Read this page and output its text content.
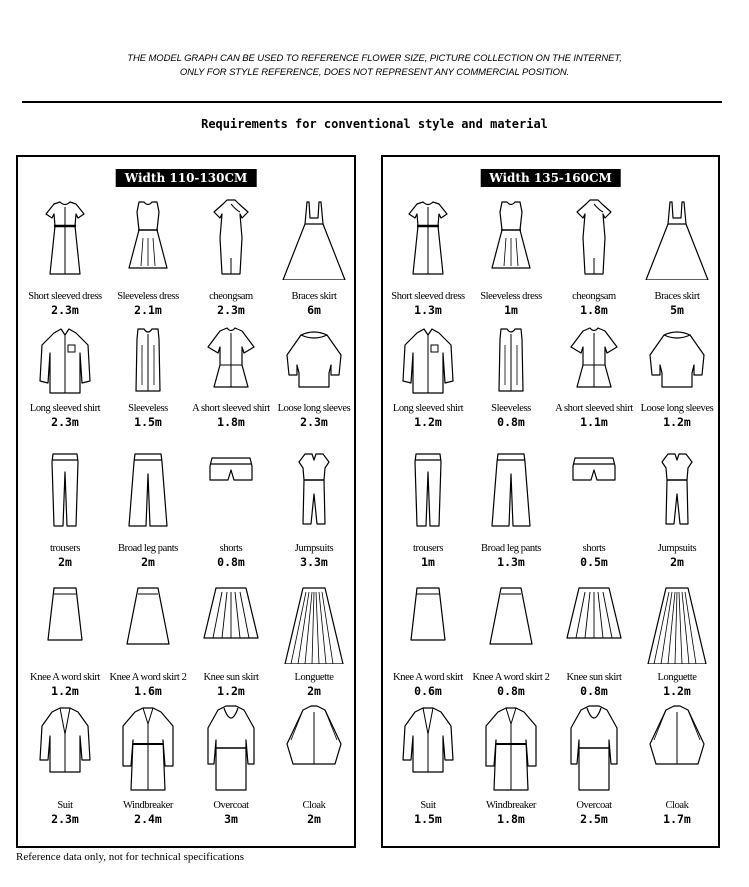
THE MODEL GRAPH CAN BE USED TO REFERENCE FLOWER SIZE, PICTURE COLLECTION ON THE INTERNET,
ONLY FOR STYLE REFERENCE, DOES NOT REPRESENT ANY COMMERCIAL POSITION.
Requirements for conventional style and material
Width 110-130CM	Width 135-160CM
Reference data only, not for technical specifications
Short sleeved dress
2.3m
Sleeveless dress
2.1m
cheongsam
2.3m
Braces skirt
6m
Long sleeved shirt
2.3m
Sleeveless
1.5m
A short sleeved shirt
1.8m
Loose long sleeves
2.3m
trousers
2m
Broad leg pants
2m
shorts
0.8m
Jumpsuits
3.3m
Knee A word skirt
1.2m
Knee A word skirt 2
1.6m
Knee sun skirt
1.2m
Longuette
2m
Suit
2.3m
Windbreaker
2.4m
Overcoat
3m
Cloak
2m
Short sleeved dress
1.3m
Sleeveless dress
1m
cheongsam
1.8m
Braces skirt
5m
Long sleeved shirt
1.2m
Sleeveless
0.8m
A short sleeved shirt
1.1m
Loose long sleeves
1.2m
trousers
1m
Broad leg pants
1.3m
shorts
0.5m
Jumpsuits
2m
Knee A word skirt
0.6m
Knee A word skirt 2
0.8m
Knee sun skirt
0.8m
Longuette
1.2m
Suit
1.5m
Windbreaker
1.8m
Overcoat
2.5m
Cloak
1.7m
